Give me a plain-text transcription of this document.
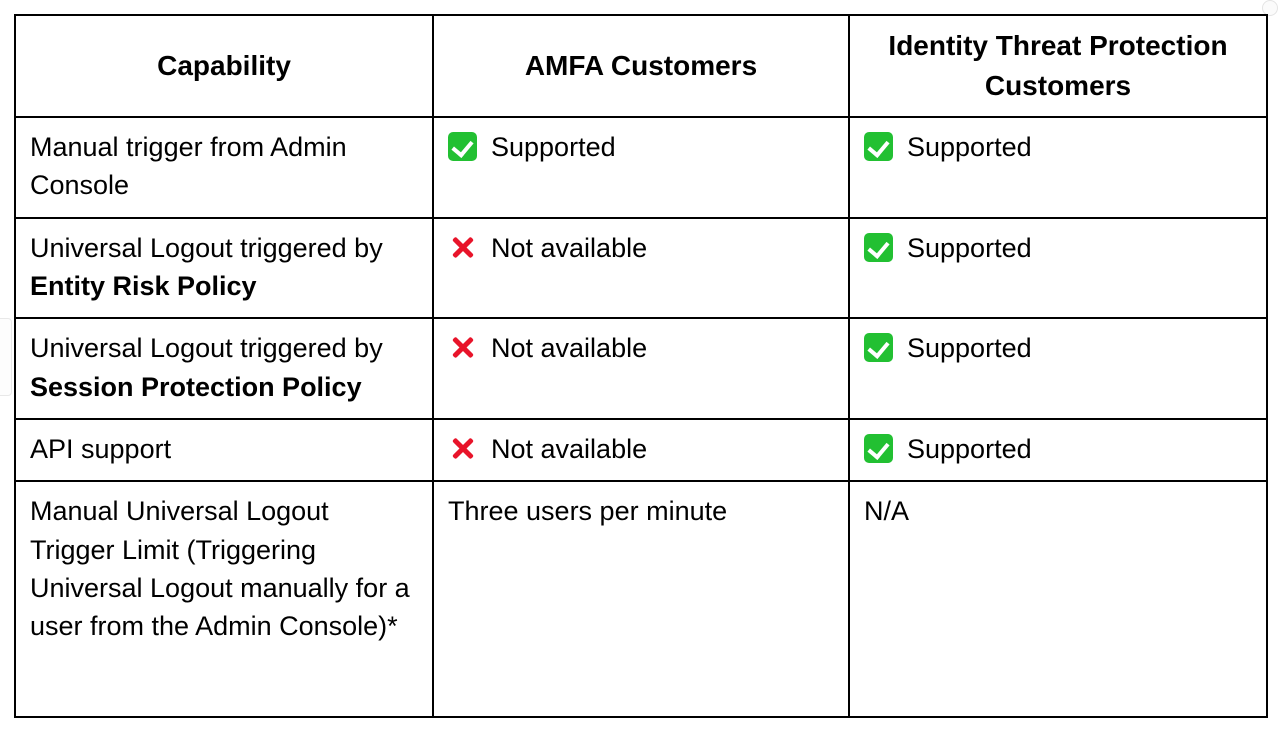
Capability	AMFA Customers	Identity Threat Protection Customers
Manual trigger from Admin Console	Supported	Supported

Universal Logout triggered by Entity Risk Policy	Not available	Supported

Universal Logout triggered by Session Protection Policy	Not available	Supported

API support	Not available	Supported

Manual Universal Logout Trigger Limit (Triggering Universal Logout manually for a user from the Admin Console)*	Three users per minute	N/A
